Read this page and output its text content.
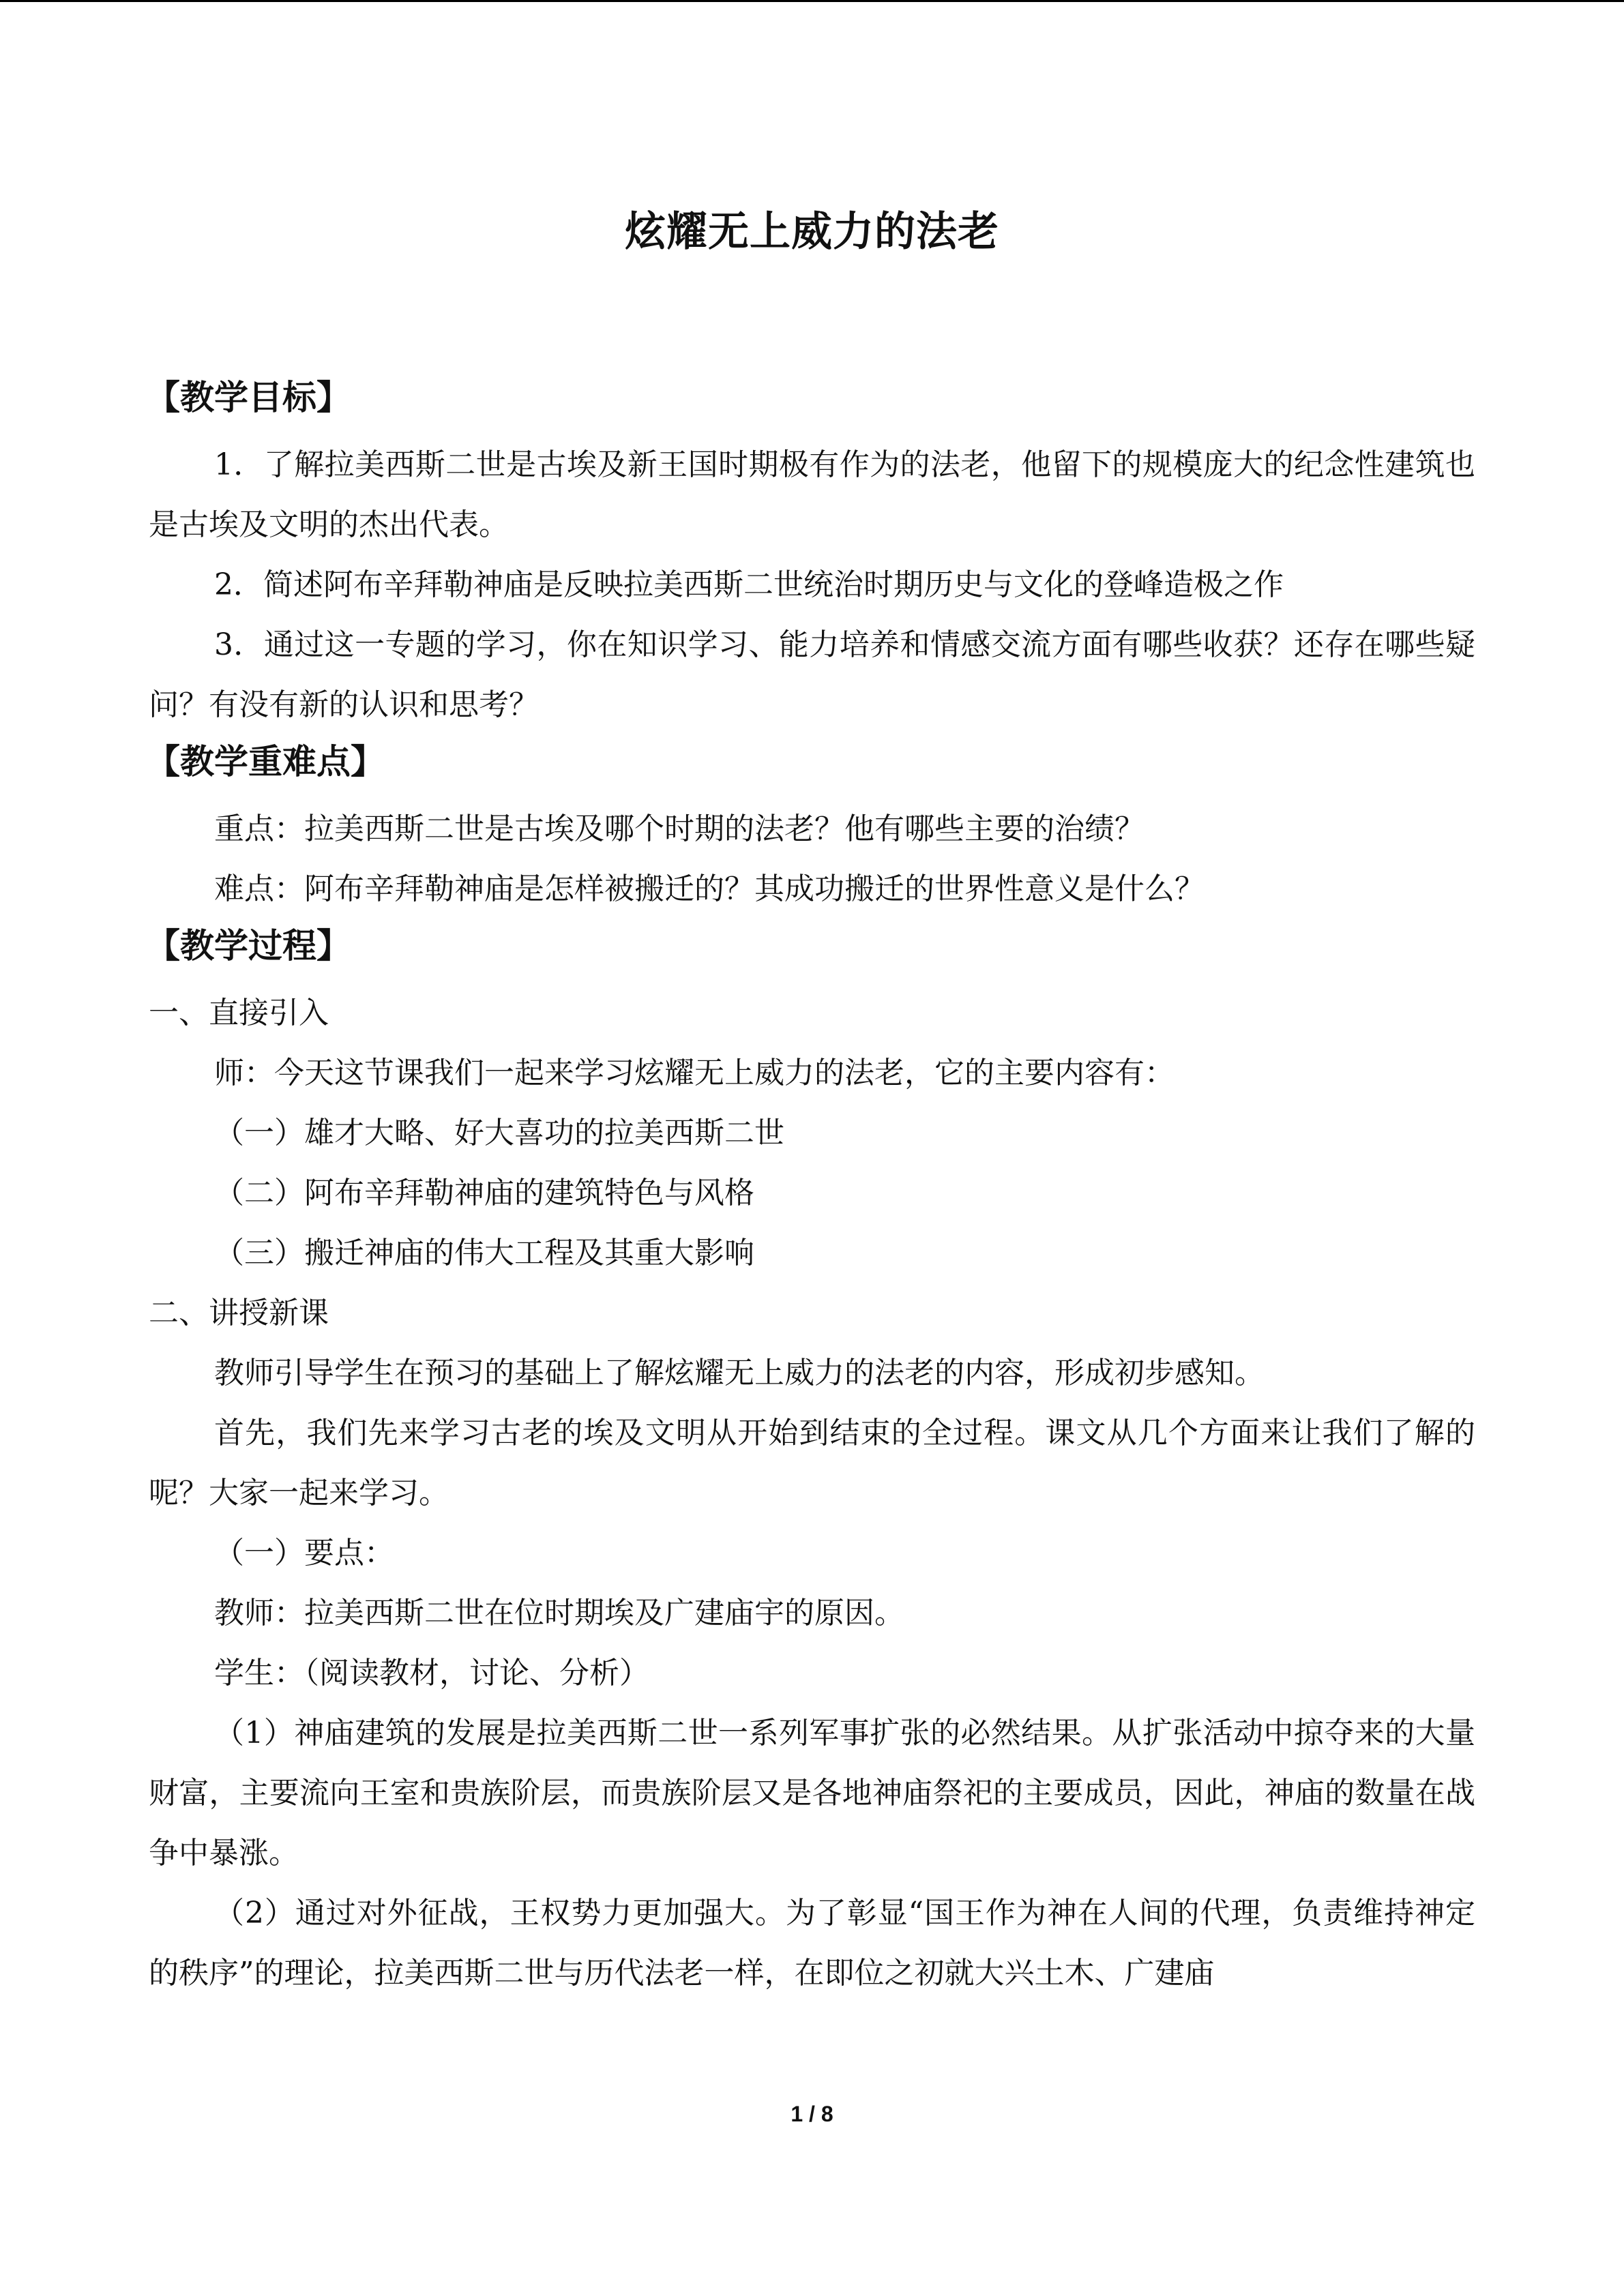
炫耀无上威力的法老
【教学目标】

1．了解拉美西斯二世是古埃及新王国时期极有作为的法老，他留下的规模庞大的纪念性建筑也是古埃及文明的杰出代表。

2．简述阿布辛拜勒神庙是反映拉美西斯二世统治时期历史与文化的登峰造极之作

3．通过这一专题的学习，你在知识学习、能力培养和情感交流方面有哪些收获？还存在哪些疑问？有没有新的认识和思考？

【教学重难点】

重点：拉美西斯二世是古埃及哪个时期的法老？他有哪些主要的治绩？

难点：阿布辛拜勒神庙是怎样被搬迁的？其成功搬迁的世界性意义是什么？

【教学过程】

一、直接引入

师：今天这节课我们一起来学习炫耀无上威力的法老，它的主要内容有：

（一）雄才大略、好大喜功的拉美西斯二世

（二）阿布辛拜勒神庙的建筑特色与风格

（三）搬迁神庙的伟大工程及其重大影响

二、讲授新课

教师引导学生在预习的基础上了解炫耀无上威力的法老的内容，形成初步感知。

首先，我们先来学习古老的埃及文明从开始到结束的全过程。课文从几个方面来让我们了解的呢？大家一起来学习。

（一）要点：

教师：拉美西斯二世在位时期埃及广建庙宇的原因。

学生：（阅读教材，讨论、分析）

（1）神庙建筑的发展是拉美西斯二世一系列军事扩张的必然结果。从扩张活动中掠夺来的大量财富，主要流向王室和贵族阶层，而贵族阶层又是各地神庙祭祀的主要成员，因此，神庙的数量在战争中暴涨。

（2）通过对外征战，王权势力更加强大。为了彰显“国王作为神在人间的代理，负责维持神定的秩序”的理论，拉美西斯二世与历代法老一样，在即位之初就大兴土木、广建庙

1 / 8
